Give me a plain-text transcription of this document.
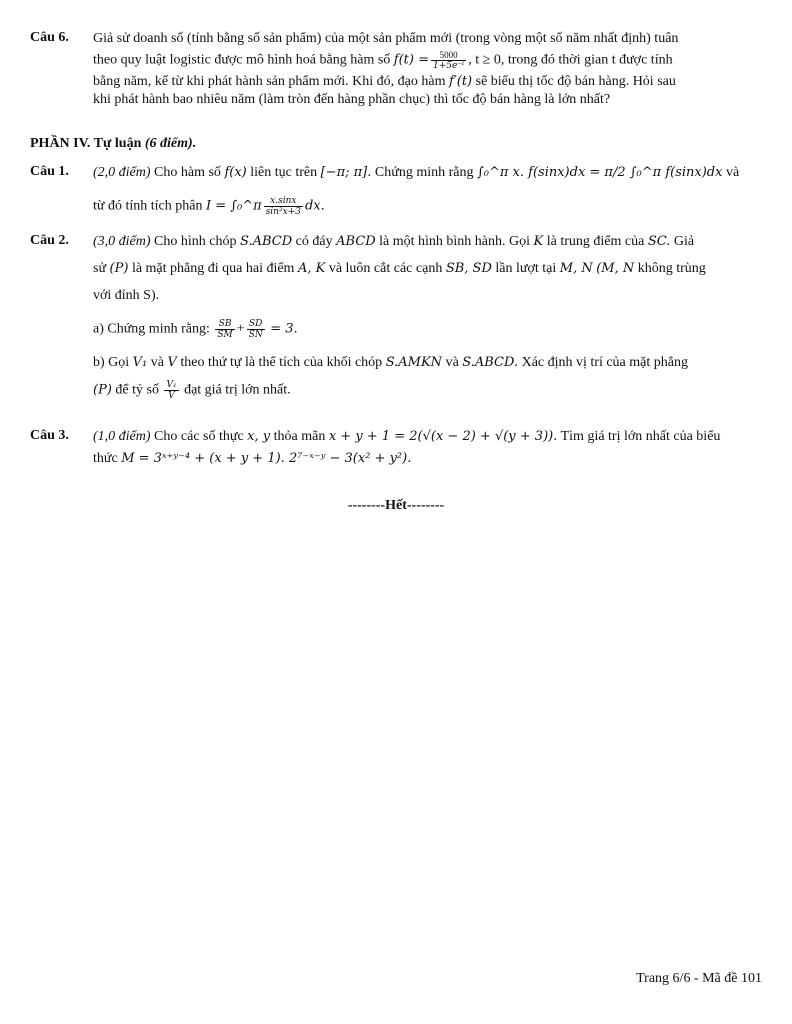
Câu 6. Giả sử doanh số (tính bằng số sản phẩm) của một sản phẩm mới (trong vòng một số năm nhất định) tuân
theo quy luật logistic được mô hình hoá bằng hàm số $f(t) = \frac{5000}{\text{1+5e⁻ᵗ}}$ , t ≥ 0, trong đó thời gian t được tính
bằng năm, kể từ khi phát hành sản phẩm mới. Khi đó, đạo hàm f′(t) sẽ biểu thị tốc độ bán hàng. Hỏi sau
khi phát hành bao nhiêu năm (làm tròn đến hàng phần chục) thì tốc độ bán hàng là lớn nhất?
PHẦN IV. Tự luận (6 điểm).
Câu 1. (2,0 điểm) Cho hàm số f(x) liên tục trên [−π; π]. Chứng minh rằng ∫₀^π x. f(sinx)dx = π/2 ∫₀^π f(sinx)dx và
từ đó tính tích phân I = ∫₀^π $\frac{x.\sin x}{\text{sin²x+3}}$ dx.
Câu 2. (3,0 điểm) Cho hình chóp S.ABCD có đáy ABCD là một hình bình hành. Gọi K là trung điểm của SC. Giả
sử (P) là mặt phẳng đi qua hai điểm A, K và luôn cắt các cạnh SB, SD lần lượt tại M, N (M, N không trùng
với đỉnh S).
a) Chứng minh rằng: $\frac{SB}{SM} + \frac{SD}{SN} = 3$.
b) Gọi V₁ và V theo thứ tự là thể tích của khối chóp S.AMKN và S.ABCD. Xác định vị trí của mặt phẳng
(P) để tỷ số $\frac{\text{V₁}}{V}$ đạt giá trị lớn nhất.
Câu 3. (1,0 điểm) Cho các số thực x, y thỏa mãn x + y + 1 = 2(√(x − 2) + √(y + 3)). Tìm giá trị lớn nhất của biểu
thức M = 3ˣ⁺ʸ⁻⁴ + (x + y + 1). 2⁷⁻ˣ⁻ʸ − 3(x² + y²).
--------Hết--------
Trang 6/6 - Mã đề 101
